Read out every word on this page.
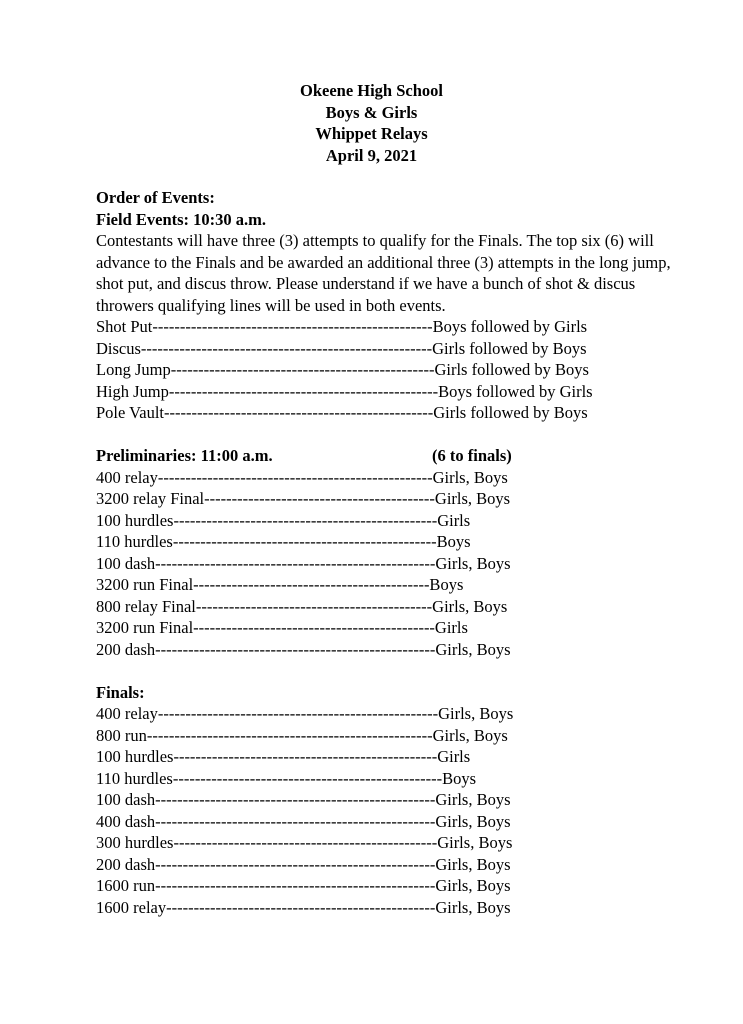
Okeene High School
Boys & Girls
Whippet Relays
April 9, 2021
Order of Events:
Field Events: 10:30 a.m.
Contestants will have three (3) attempts to qualify for the Finals. The top six (6) will advance to the Finals and be awarded an additional three (3) attempts in the long jump, shot put, and discus throw. Please understand if we have a bunch of shot & discus throwers qualifying lines will be used in both events.
Shot Put---------------------------------------------------Boys followed by Girls
Discus-----------------------------------------------------Girls followed by Boys
Long Jump------------------------------------------------Girls followed by Boys
High Jump-------------------------------------------------Boys followed by Girls
Pole Vault-------------------------------------------------Girls followed by Boys
Preliminaries: 11:00 a.m.	(6 to finals)
400 relay--------------------------------------------------Girls, Boys
3200 relay Final------------------------------------------Girls, Boys
100 hurdles------------------------------------------------Girls
110 hurdles------------------------------------------------Boys
100 dash---------------------------------------------------Girls, Boys
3200 run Final-------------------------------------------Boys
800 relay Final-------------------------------------------Girls, Boys
3200 run Final--------------------------------------------Girls
200 dash---------------------------------------------------Girls, Boys
Finals:
400 relay---------------------------------------------------Girls, Boys
800 run----------------------------------------------------Girls, Boys
100 hurdles------------------------------------------------Girls
110 hurdles-------------------------------------------------Boys
100 dash---------------------------------------------------Girls, Boys
400 dash---------------------------------------------------Girls, Boys
300 hurdles------------------------------------------------Girls, Boys
200 dash---------------------------------------------------Girls, Boys
1600 run---------------------------------------------------Girls, Boys
1600 relay-------------------------------------------------Girls, Boys
